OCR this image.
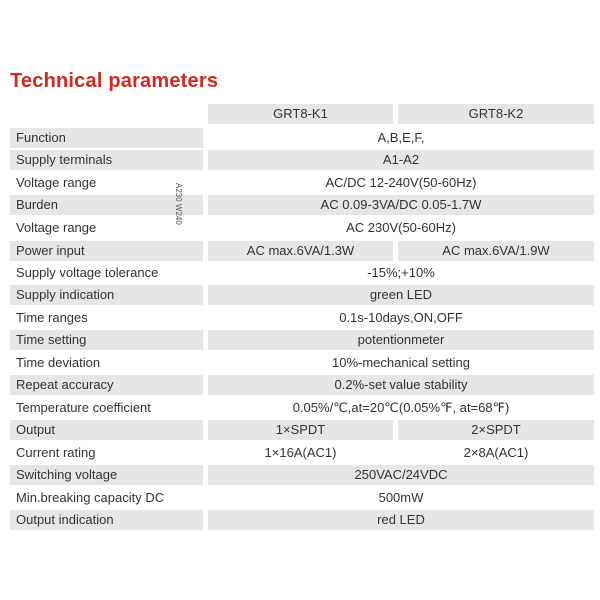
Technical parameters
GRT8-K1	GRT8-K2
Function	A,B,E,F,
Supply terminals	A1-A2
Voltage range	AC/DC 12-240V(50-60Hz)
Burden	AC 0.09-3VA/DC 0.05-1.7W
Voltage range	AC 230V(50-60Hz)
Power input	AC max.6VA/1.3W	AC max.6VA/1.9W
Supply voltage tolerance	-15%;+10%
Supply indication	green LED
Time ranges	0.1s-10days,ON,OFF
Time setting	potentionmeter
Time deviation	10%-mechanical setting
Repeat accuracy	0.2%-set value stability
Temperature coefficient	0.05%/℃,at=20℃(0.05%℉, at=68℉)
Output	1×SPDT	2×SPDT
Current rating	1×16A(AC1)	2×8A(AC1)
Switching voltage	250VAC/24VDC
Min.breaking capacity DC	500mW
Output indication	red LED
A230 W240
